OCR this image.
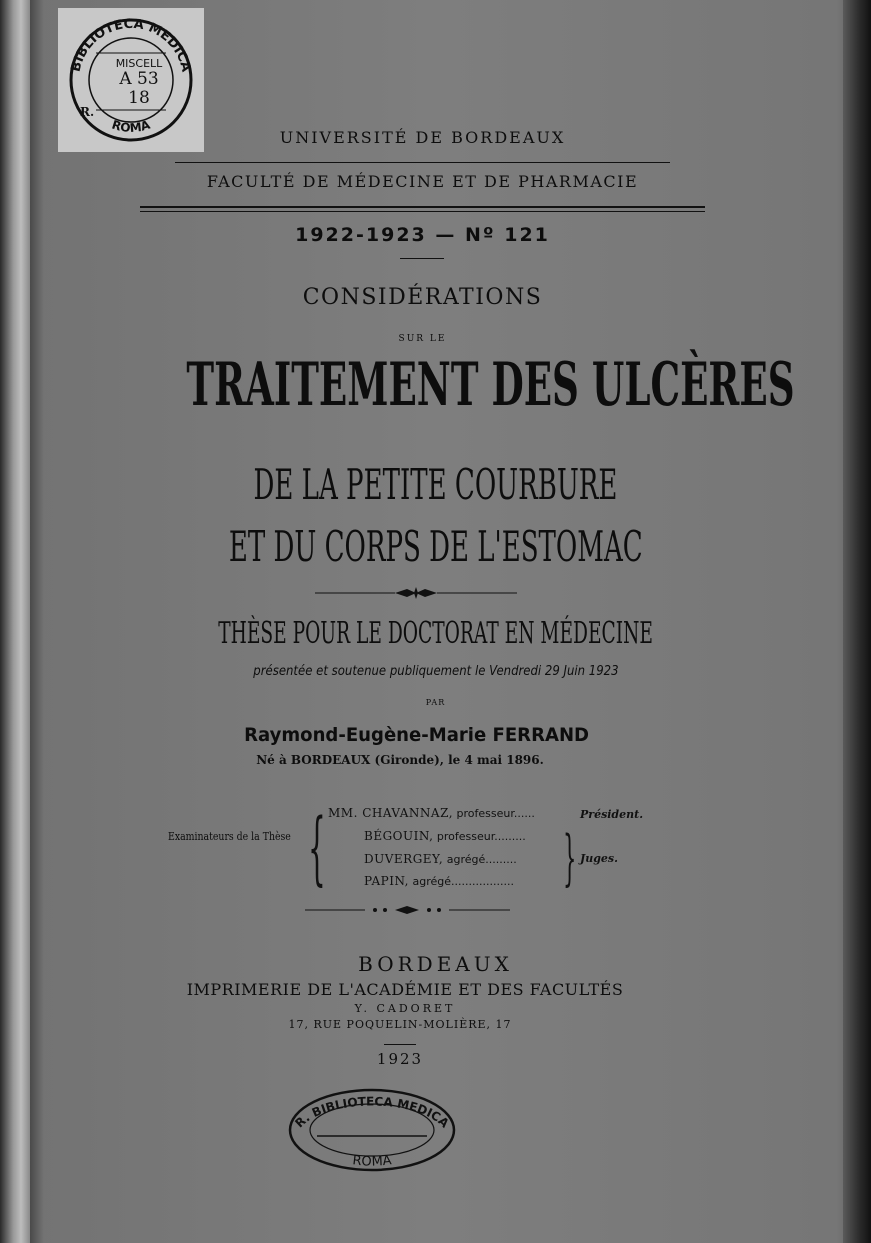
BIBLIOTECA MEDICA
ROMA
R.
MISCELL
A 53
18
UNIVERSITÉ DE BORDEAUX
FACULTÉ DE MÉDECINE ET DE PHARMACIE
1922-1923 — Nº 121
CONSIDÉRATIONS
SUR LE
TRAITEMENT DES ULCÈRES
DE LA PETITE COURBURE
ET DU CORPS DE L'ESTOMAC
THÈSE POUR LE DOCTORAT EN MÉDECINE
présentée et soutenue publiquement le Vendredi 29 Juin 1923
PAR
Raymond-Eugène-Marie FERRAND
Né à BORDEAUX (Gironde), le 4 mai 1896.
Examinateurs de la Thèse { MM. CHAVANNAZ, professeur......
BÉGOUIN, professeur.........
DUVERGEY, agrégé.........
PAPIN, agrégé..................
Président.
} Juges.
BORDEAUX
IMPRIMERIE DE L'ACADÉMIE ET DES FACULTÉS
Y. CADORET
17, RUE POQUELIN-MOLIÈRE, 17
1923
R. BIBLIOTECA MEDICA
ROMA
